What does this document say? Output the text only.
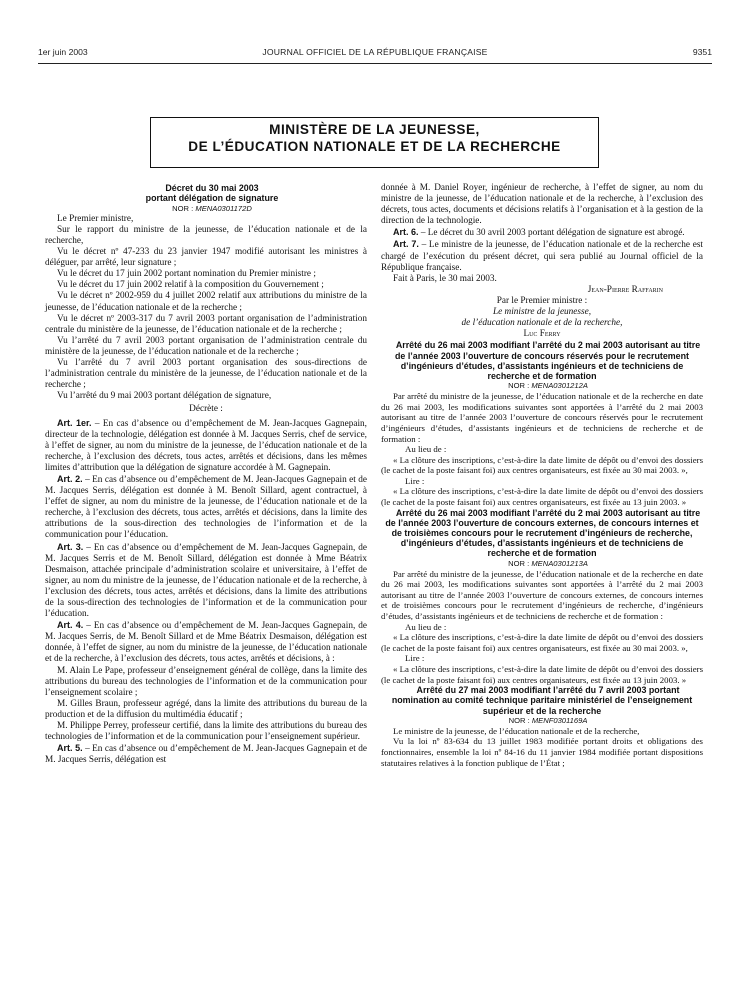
1er juin 2003	JOURNAL OFFICIEL DE LA RÉPUBLIQUE FRANÇAISE	9351
MINISTÈRE DE LA JEUNESSE,
DE L’ÉDUCATION NATIONALE ET DE LA RECHERCHE

Décret du 30 mai 2003

portant délégation de signature

NOR : MENA0301172D

Le Premier ministre,

Sur le rapport du ministre de la jeunesse, de l’éducation nationale et de la recherche,

Vu le décret nº 47-233 du 23 janvier 1947 modifié autorisant les ministres à déléguer, par arrêté, leur signature ;

Vu le décret du 17 juin 2002 portant nomination du Premier ministre ;

Vu le décret du 17 juin 2002 relatif à la composition du Gouvernement ;

Vu le décret nº 2002-959 du 4 juillet 2002 relatif aux attributions du ministre de la jeunesse, de l’éducation nationale et de la recherche ;

Vu le décret nº 2003-317 du 7 avril 2003 portant organisation de l’administration centrale du ministère de la jeunesse, de l’éducation nationale et de la recherche ;

Vu l’arrêté du 7 avril 2003 portant organisation de l’administration centrale du ministère de la jeunesse, de l’éducation nationale et de la recherche ;

Vu l’arrêté du 7 avril 2003 portant organisation des sous-directions de l’administration centrale du ministère de la jeunesse, de l’éducation nationale et de la recherche ;

Vu l’arrêté du 9 mai 2003 portant délégation de signature,

Décrète :

Art. 1er. – En cas d’absence ou d’empêchement de M. Jean-Jacques Gagnepain, directeur de la technologie, délégation est donnée à M. Jacques Serris, chef de service, à l’effet de signer, au nom du ministre de la jeunesse, de l’éducation nationale et de la recherche, à l’exclusion des décrets, tous actes, arrêtés et décisions, dans les mêmes limites d’attribution que la délégation de signature accordée à M. Gagnepain.

Art. 2. – En cas d’absence ou d’empêchement de M. Jean-Jacques Gagnepain et de M. Jacques Serris, délégation est donnée à M. Benoît Sillard, agent contractuel, à l’effet de signer, au nom du ministre de la jeunesse, de l’éducation nationale et de la recherche, à l’exclusion des décrets, tous actes, arrêtés et décisions, dans la limite des attributions de la sous-direction des technologies de l’information et de la communication pour l’éducation.

Art. 3. – En cas d’absence ou d’empêchement de M. Jean-Jacques Gagnepain, de M. Jacques Serris et de M. Benoît Sillard, délégation est donnée à Mme Béatrix Desmaison, attachée principale d’administration scolaire et universitaire, à l’effet de signer, au nom du ministre de la jeunesse, de l’éducation nationale et de la recherche, à l’exclusion des décrets, tous actes, arrêtés et décisions, dans la limite des attributions de la sous-direction des technologies de l’information et de la communication pour l’éducation.

Art. 4. – En cas d’absence ou d’empêchement de M. Jean-Jacques Gagnepain, de M. Jacques Serris, de M. Benoît Sillard et de Mme Béatrix Desmaison, délégation est donnée, à l’effet de signer, au nom du ministre de la jeunesse, de l’éducation nationale et de la recherche, à l’exclusion des décrets, tous actes, arrêtés et décisions, à :

M. Alain Le Pape, professeur d’enseignement général de collège, dans la limite des attributions du bureau des technologies de l’information et de la communication pour l’enseignement scolaire ;

M. Gilles Braun, professeur agrégé, dans la limite des attributions du bureau de la production et de la diffusion du multimédia éducatif ;

M. Philippe Perrey, professeur certifié, dans la limite des attributions du bureau des technologies de l’information et de la communication pour l’enseignement supérieur.

Art. 5. – En cas d’absence ou d’empêchement de M. Jean-Jacques Gagnepain et de M. Jacques Serris, délégation est

donnée à M. Daniel Royer, ingénieur de recherche, à l’effet de signer, au nom du ministre de la jeunesse, de l’éducation nationale et de la recherche, à l’exclusion des décrets, tous actes, documents et décisions relatifs à l’organisation et à la gestion de la direction de la technologie.

Art. 6. – Le décret du 30 avril 2003 portant délégation de signature est abrogé.

Art. 7. – Le ministre de la jeunesse, de l’éducation nationale et de la recherche est chargé de l’exécution du présent décret, qui sera publié au Journal officiel de la République française.

Fait à Paris, le 30 mai 2003.

Jean-Pierre Raffarin

Par le Premier ministre :

Le ministre de la jeunesse,

de l’éducation nationale et de la recherche,

Luc Ferry

Arrêté du 26 mai 2003 modifiant l’arrêté du 2 mai 2003 autorisant au titre de l’année 2003 l’ouverture de concours réservés pour le recrutement d’ingénieurs d’études, d’assistants ingénieurs et de techniciens de recherche et de formation

NOR : MENA0301212A

Par arrêté du ministre de la jeunesse, de l’éducation nationale et de la recherche en date du 26 mai 2003, les modifications suivantes sont apportées à l’arrêté du 2 mai 2003 autorisant au titre de l’année 2003 l’ouverture de concours réservés pour le recrutement d’ingénieurs d’études, d’assistants ingénieurs et de techniciens de recherche et de formation :

Au lieu de :

« La clôture des inscriptions, c’est-à-dire la date limite de dépôt ou d’envoi des dossiers (le cachet de la poste faisant foi) aux centres organisateurs, est fixée au 30 mai 2003. »,

Lire :

« La clôture des inscriptions, c’est-à-dire la date limite de dépôt ou d’envoi des dossiers (le cachet de la poste faisant foi) aux centres organisateurs, est fixée au 13 juin 2003. »

Arrêté du 26 mai 2003 modifiant l’arrêté du 2 mai 2003 autorisant au titre de l’année 2003 l’ouverture de concours externes, de concours internes et de troisièmes concours pour le recrutement d’ingénieurs de recherche, d’ingénieurs d’études, d’assistants ingénieurs et de techniciens de recherche et de formation

NOR : MENA0301213A

Par arrêté du ministre de la jeunesse, de l’éducation nationale et de la recherche en date du 26 mai 2003, les modifications suivantes sont apportées à l’arrêté du 2 mai 2003 autorisant au titre de l’année 2003 l’ouverture de concours externes, de concours internes et de troisièmes concours pour le recrutement d’ingénieurs de recherche, d’ingénieurs d’études, d’assistants ingénieurs et de techniciens de recherche et de formation :

Au lieu de :

« La clôture des inscriptions, c’est-à-dire la date limite de dépôt ou d’envoi des dossiers (le cachet de la poste faisant foi) aux centres organisateurs, est fixée au 30 mai 2003. »,

Lire :

« La clôture des inscriptions, c’est-à-dire la date limite de dépôt ou d’envoi des dossiers (le cachet de la poste faisant foi) aux centres organisateurs, est fixée au 13 juin 2003. »

Arrêté du 27 mai 2003 modifiant l’arrêté du 7 avril 2003 portant nomination au comité technique paritaire ministériel de l’enseignement supérieur et de la recherche

NOR : MENF0301169A

Le ministre de la jeunesse, de l’éducation nationale et de la recherche,

Vu la loi nº 83-634 du 13 juillet 1983 modifiée portant droits et obligations des fonctionnaires, ensemble la loi nº 84-16 du 11 janvier 1984 modifiée portant dispositions statutaires relatives à la fonction publique de l’État ;
